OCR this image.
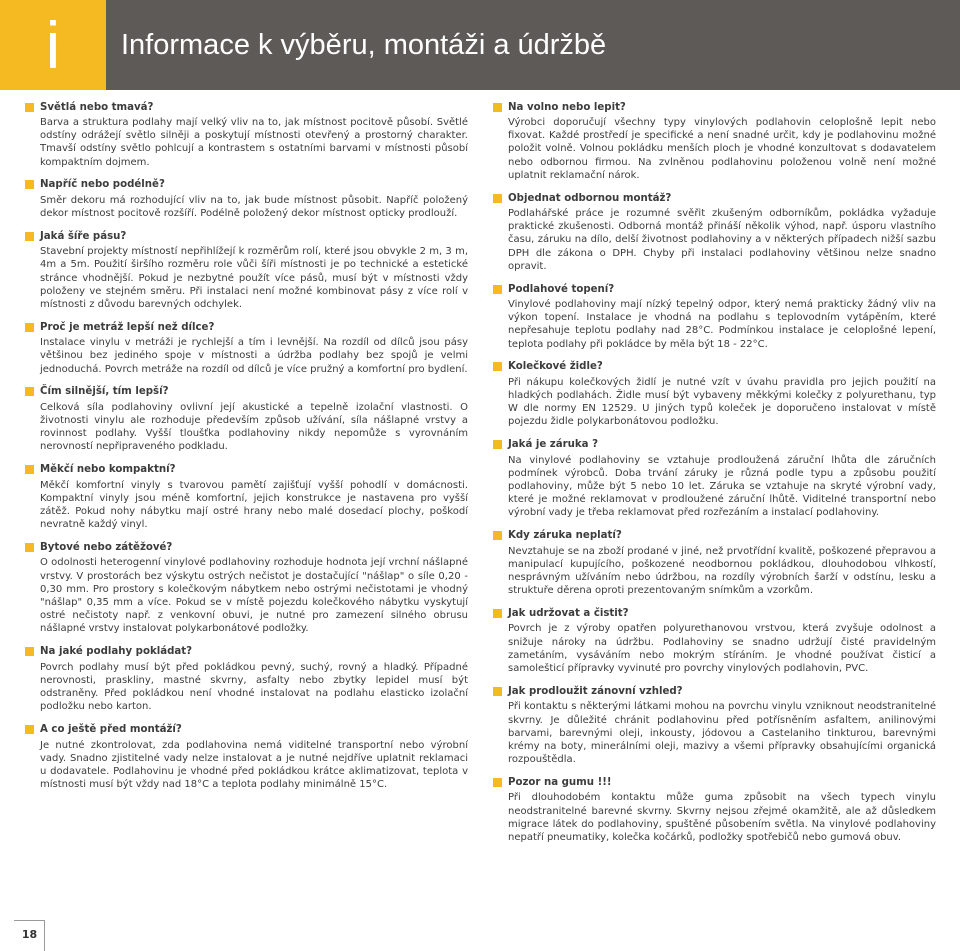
i	Informace k výběru, montáži a údržbě
Světlá nebo tmavá?
Barva a struktura podlahy mají velký vliv na to, jak místnost pocitově působí. Světlé odstíny odrážejí světlo silněji a poskytují místnosti otevřený a prostorný charakter. Tmavší odstíny světlo pohlcují a kontrastem s ostatními barvami v místnosti působí kompaktním dojmem.
Napříč nebo podélně?
Směr dekoru má rozhodující vliv na to, jak bude místnost působit. Napříč položený dekor místnost pocitově rozšíří. Podélně položený dekor místnost opticky prodlouží.
Jaká šíře pásu?
Stavební projekty místností nepřihlížejí k rozměrům rolí, které jsou obvykle 2 m, 3 m, 4m a 5m. Použití širšího rozměru role vůči šíři místnosti je po technické a estetické stránce vhodnější. Pokud je nezbytné použít více pásů, musí být v místnosti vždy položeny ve stejném směru. Při instalaci není možné kombinovat pásy z více rolí v místnosti z důvodu barevných odchylek.
Proč je metráž lepší než dílce?
Instalace vinylu v metráži je rychlejší a tím i levnější. Na rozdíl od dílců jsou pásy většinou bez jediného spoje v místnosti a údržba podlahy bez spojů je velmi jednoduchá. Povrch metráže na rozdíl od dílců je více pružný a komfortní pro bydlení.
Čím silnější, tím lepší?
Celková síla podlahoviny ovlivní její akustické a tepelně izolační vlastnosti. O životnosti vinylu ale rozhoduje především způsob užívání, síla nášlapné vrstvy a rovinnost podlahy. Vyšší tloušťka podlahoviny nikdy nepomůže s vyrovnáním nerovností nepřipraveného podkladu.
Měkčí nebo kompaktní?
Měkčí komfortní vinyly s tvarovou pamětí zajišťují vyšší pohodlí v domácnosti. Kompaktní vinyly jsou méně komfortní, jejich konstrukce je nastavena pro vyšší zátěž. Pokud nohy nábytku mají ostré hrany nebo malé dosedací plochy, poškodí nevratně každý vinyl.
Bytové nebo zátěžové?
O odolnosti heterogenní vinylové podlahoviny rozhoduje hodnota její vrchní nášlapné vrstvy. V prostorách bez výskytu ostrých nečistot je dostačující "nášlap" o síle 0,20 - 0,30 mm. Pro prostory s kolečkovým nábytkem nebo ostrými nečistotami je vhodný "nášlap" 0,35 mm a více. Pokud se v místě pojezdu kolečkového nábytku vyskytují ostré nečistoty např. z venkovní obuvi, je nutné pro zamezení silného obrusu nášlapné vrstvy instalovat polykarbonátové podložky.
Na jaké podlahy pokládat?
Povrch podlahy musí být před pokládkou pevný, suchý, rovný a hladký. Případné nerovnosti, praskliny, mastné skvrny, asfalty nebo zbytky lepidel musí být odstraněny. Před pokládkou není vhodné instalovat na podlahu elasticko izolační podložku nebo karton.
A co ještě před montáží?
Je nutné zkontrolovat, zda podlahovina nemá viditelné transportní nebo výrobní vady. Snadno zjistitelné vady nelze instalovat a je nutné nejdříve uplatnit reklamaci u dodavatele. Podlahovinu je vhodné před pokládkou krátce aklimatizovat, teplota v místnosti musí být vždy nad 18°C a teplota podlahy minimálně 15°C.
Na volno nebo lepit?
Výrobci doporučují všechny typy vinylových podlahovin celoplošně lepit nebo fixovat. Každé prostředí je specifické a není snadné určit, kdy je podlahovinu možné položit volně. Volnou pokládku menších ploch je vhodné konzultovat s dodavatelem nebo odbornou firmou. Na zvlněnou podlahovinu položenou volně není možné uplatnit reklamační nárok.
Objednat odbornou montáž?
Podlahářské práce je rozumné svěřit zkušeným odborníkům, pokládka vyžaduje praktické zkušenosti. Odborná montáž přináší několik výhod, např. úsporu vlastního času, záruku na dílo, delší životnost podlahoviny a v některých případech nižší sazbu DPH dle zákona o DPH. Chyby při instalaci podlahoviny většinou nelze snadno opravit.
Podlahové topení?
Vinylové podlahoviny mají nízký tepelný odpor, který nemá prakticky žádný vliv na výkon topení. Instalace je vhodná na podlahu s teplovodním vytápěním, které nepřesahuje teplotu podlahy nad 28°C. Podmínkou instalace je celoplošné lepení, teplota podlahy při pokládce by měla být 18 - 22°C.
Kolečkové židle?
Při nákupu kolečkových židlí je nutné vzít v úvahu pravidla pro jejich použití na hladkých podlahách. Židle musí být vybaveny měkkými kolečky z polyurethanu, typ W dle normy EN 12529. U jiných typů koleček je doporučeno instalovat v místě pojezdu židle polykarbonátovou podložku.
Jaká je záruka ?
Na vinylové podlahoviny se vztahuje prodloužená záruční lhůta dle záručních podmínek výrobců. Doba trvání záruky je různá podle typu a způsobu použití podlahoviny, může být 5 nebo 10 let. Záruka se vztahuje na skryté výrobní vady, které je možné reklamovat v prodloužené záruční lhůtě. Viditelné transportní nebo výrobní vady je třeba reklamovat před rozřezáním a instalací podlahoviny.
Kdy záruka neplatí?
Nevztahuje se na zboží prodané v jiné, než prvotřídní kvalitě, poškozené přepravou a manipulací kupujícího, poškozené neodbornou pokládkou, dlouhodobou vlhkostí, nesprávným užíváním nebo údržbou, na rozdíly výrobních šarží v odstínu, lesku a struktuře děrena oproti prezentovaným snímkům a vzorkům.
Jak udržovat a čistit?
Povrch je z výroby opatřen polyurethanovou vrstvou, která zvyšuje odolnost a snižuje nároky na údržbu. Podlahoviny se snadno udržují čisté pravidelným zametáním, vysáváním nebo mokrým stíráním. Je vhodné používat čisticí a samolešticí přípravky vyvinuté pro povrchy vinylových podlahovin, PVC.
Jak prodloužit zánovní vzhled?
Při kontaktu s některými látkami mohou na povrchu vinylu vzniknout neodstranitelné skvrny. Je důležité chránit podlahovinu před potřísněním asfaltem, anilinovými barvami, barevnými oleji, inkousty, jódovou a Castelaniho tinkturou, barevnými krémy na boty, minerálními oleji, mazivy a všemi přípravky obsahujícími organická rozpouštědla.
Pozor na gumu !!!
Při dlouhodobém kontaktu může guma způsobit na všech typech vinylu neodstranitelné barevné skvrny. Skvrny nejsou zřejmé okamžitě, ale až důsledkem migrace látek do podlahoviny, spuštěné působením světla. Na vinylové podlahoviny nepatří pneumatiky, kolečka kočárků, podložky spotřebičů nebo gumová obuv.
18
